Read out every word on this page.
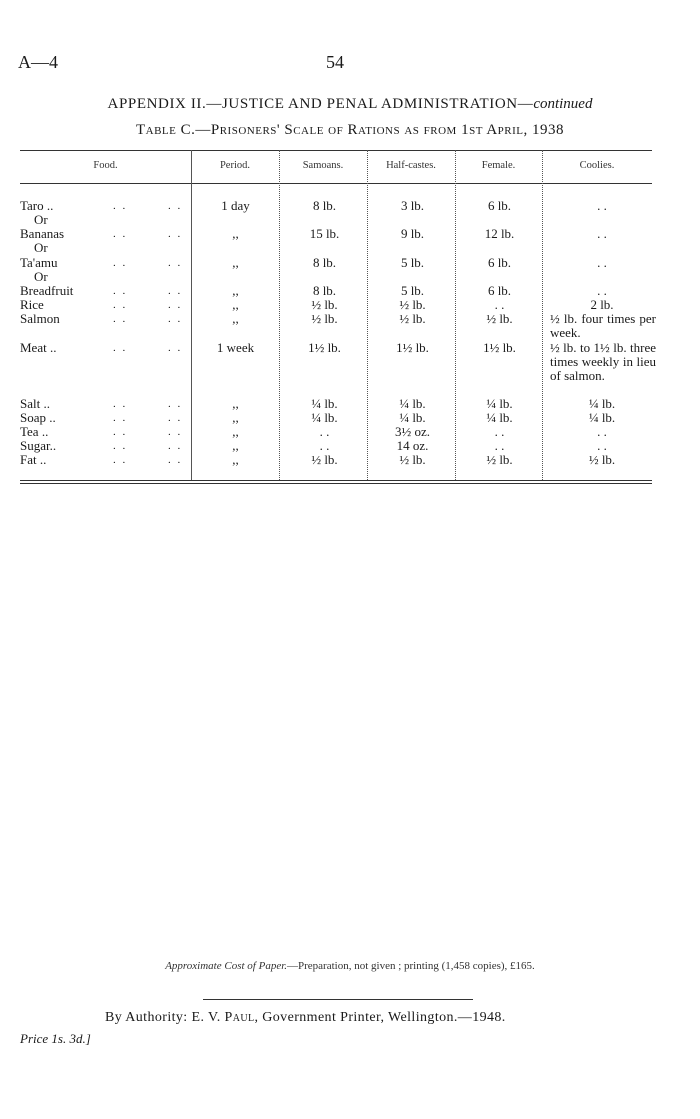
A—4	54
APPENDIX II.—JUSTICE AND PENAL ADMINISTRATION—continued
Table C.—Prisoners' Scale of Rations as from 1st April, 1938
Food.	Period.	Samoans.	Half-castes.	Female.	Coolies.
Taro ..	. .	. .	1 day	8 lb.	3 lb.	6 lb.	. .
Or
Bananas	. .	. .	,,	15 lb.	9 lb.	12 lb.	. .
Or
Ta'amu	. .	. .	,,	8 lb.	5 lb.	6 lb.	. .
Or
Breadfruit	. .	. .	,,	8 lb.	5 lb.	6 lb.	. .
Rice	. .	. .	,,	½ lb.	½ lb.	. .	2 lb.
Salmon	. .	. .	,,	½ lb.	½ lb.	½ lb.	½ lb. four times per week.
Meat ..	. .	. .	1 week	1½ lb.	1½ lb.	1½ lb.	½ lb. to 1½ lb. three times weekly in lieu of salmon.
Salt ..	. .	. .	,,	¼ lb.	¼ lb.	¼ lb.	¼ lb.
Soap ..	. .	. .	,,	¼ lb.	¼ lb.	¼ lb.	¼ lb.
Tea ..	. .	. .	,,	. .	3½ oz.	. .	. .
Sugar..	. .	. .	,,	. .	14 oz.	. .	. .
Fat ..	. .	. .	,,	½ lb.	½ lb.	½ lb.	½ lb.
Approximate Cost of Paper.—Preparation, not given ; printing (1,458 copies), £165.
By Authority: E. V. Paul, Government Printer, Wellington.—1948.
Price 1s. 3d.]
